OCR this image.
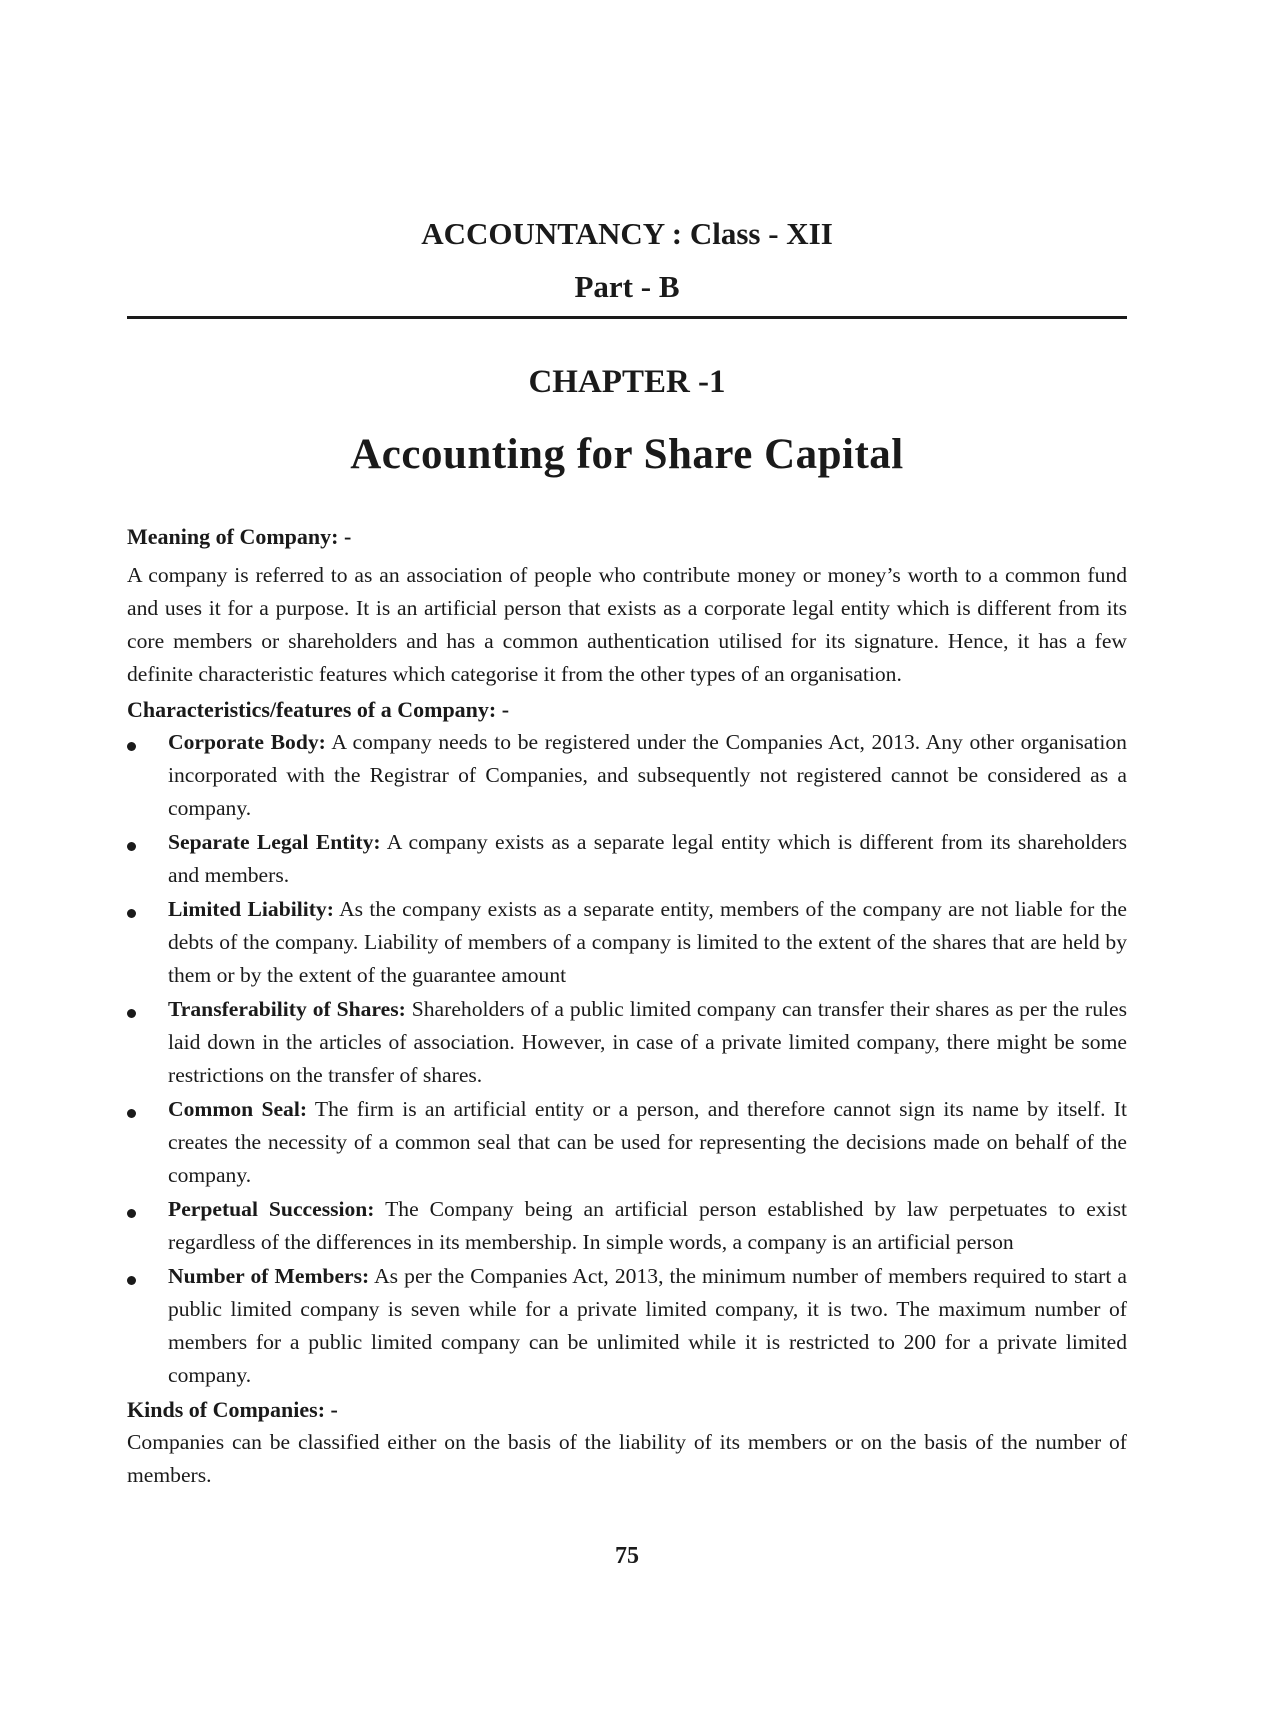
ACCOUNTANCY : Class - XII
Part - B
CHAPTER -1
Accounting for Share Capital

Meaning of Company: -

A company is referred to as an association of people who contribute money or money’s worth to a common fund and uses it for a purpose. It is an artificial person that exists as a corporate legal entity which is different from its core members or shareholders and has a common authentication utilised for its signature. Hence, it has a few definite characteristic features which categorise it from the other types of an organisation.

Characteristics/features of a Company: -

Corporate Body: A company needs to be registered under the Companies Act, 2013. Any other organisation incorporated with the Registrar of Companies, and subsequently not registered cannot be considered as a company.
Separate Legal Entity: A company exists as a separate legal entity which is different from its shareholders and members.
Limited Liability: As the company exists as a separate entity, members of the company are not liable for the debts of the company. Liability of members of a company is limited to the extent of the shares that are held by them or by the extent of the guarantee amount
Transferability of Shares: Shareholders of a public limited company can transfer their shares as per the rules laid down in the articles of association. However, in case of a private limited company, there might be some restrictions on the transfer of shares.
Common Seal: The firm is an artificial entity or a person, and therefore cannot sign its name by itself. It creates the necessity of a common seal that can be used for representing the decisions made on behalf of the company.
Perpetual Succession: The Company being an artificial person established by law perpetuates to exist regardless of the differences in its membership. In simple words, a company is an artificial person
Number of Members: As per the Companies Act, 2013, the minimum number of members required to start a public limited company is seven while for a private limited company, it is two. The maximum number of members for a public limited company can be unlimited while it is restricted to 200 for a private limited company.

Kinds of Companies: -

Companies can be classified either on the basis of the liability of its members or on the basis of the number of members.

75
